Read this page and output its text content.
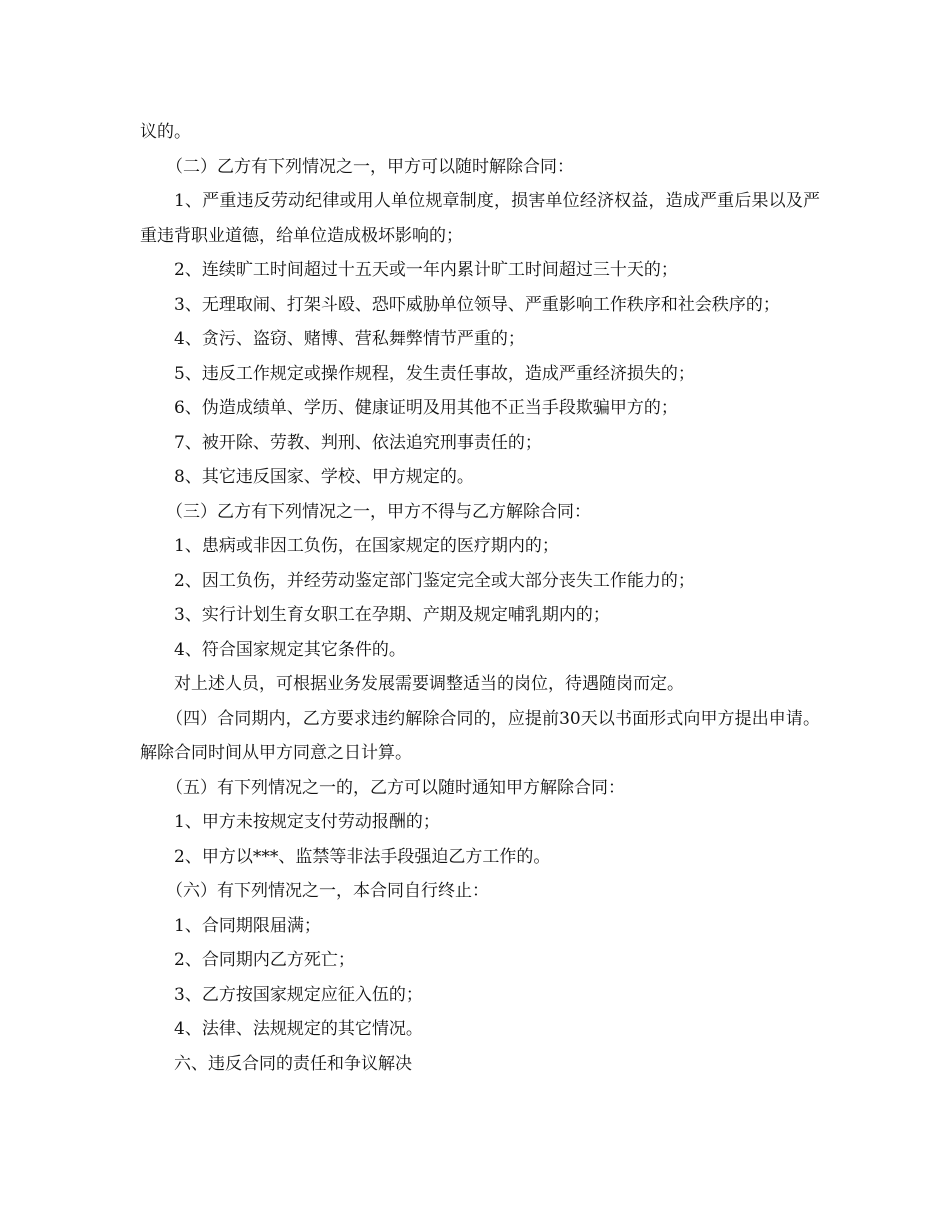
议的。

（二）乙方有下列情况之一，甲方可以随时解除合同：

1、严重违反劳动纪律或用人单位规章制度，损害单位经济权益，造成严重后果以及严重违背职业道德，给单位造成极坏影响的；

2、连续旷工时间超过十五天或一年内累计旷工时间超过三十天的；

3、无理取闹、打架斗殴、恐吓威胁单位领导、严重影响工作秩序和社会秩序的；

4、贪污、盗窃、赌博、营私舞弊情节严重的；

5、违反工作规定或操作规程，发生责任事故，造成严重经济损失的；

6、伪造成绩单、学历、健康证明及用其他不正当手段欺骗甲方的；

7、被开除、劳教、判刑、依法追究刑事责任的；

8、其它违反国家、学校、甲方规定的。

（三）乙方有下列情况之一，甲方不得与乙方解除合同：

1、患病或非因工负伤，在国家规定的医疗期内的；

2、因工负伤，并经劳动鉴定部门鉴定完全或大部分丧失工作能力的；

3、实行计划生育女职工在孕期、产期及规定哺乳期内的；

4、符合国家规定其它条件的。

对上述人员，可根据业务发展需要调整适当的岗位，待遇随岗而定。

（四）合同期内，乙方要求违约解除合同的，应提前30天以书面形式向甲方提出申请。解除合同时间从甲方同意之日计算。

（五）有下列情况之一的，乙方可以随时通知甲方解除合同：

1、甲方未按规定支付劳动报酬的；

2、甲方以***、监禁等非法手段强迫乙方工作的。

（六）有下列情况之一，本合同自行终止：

1、合同期限届满；

2、合同期内乙方死亡；

3、乙方按国家规定应征入伍的；

4、法律、法规规定的其它情况。

六、违反合同的责任和争议解决
